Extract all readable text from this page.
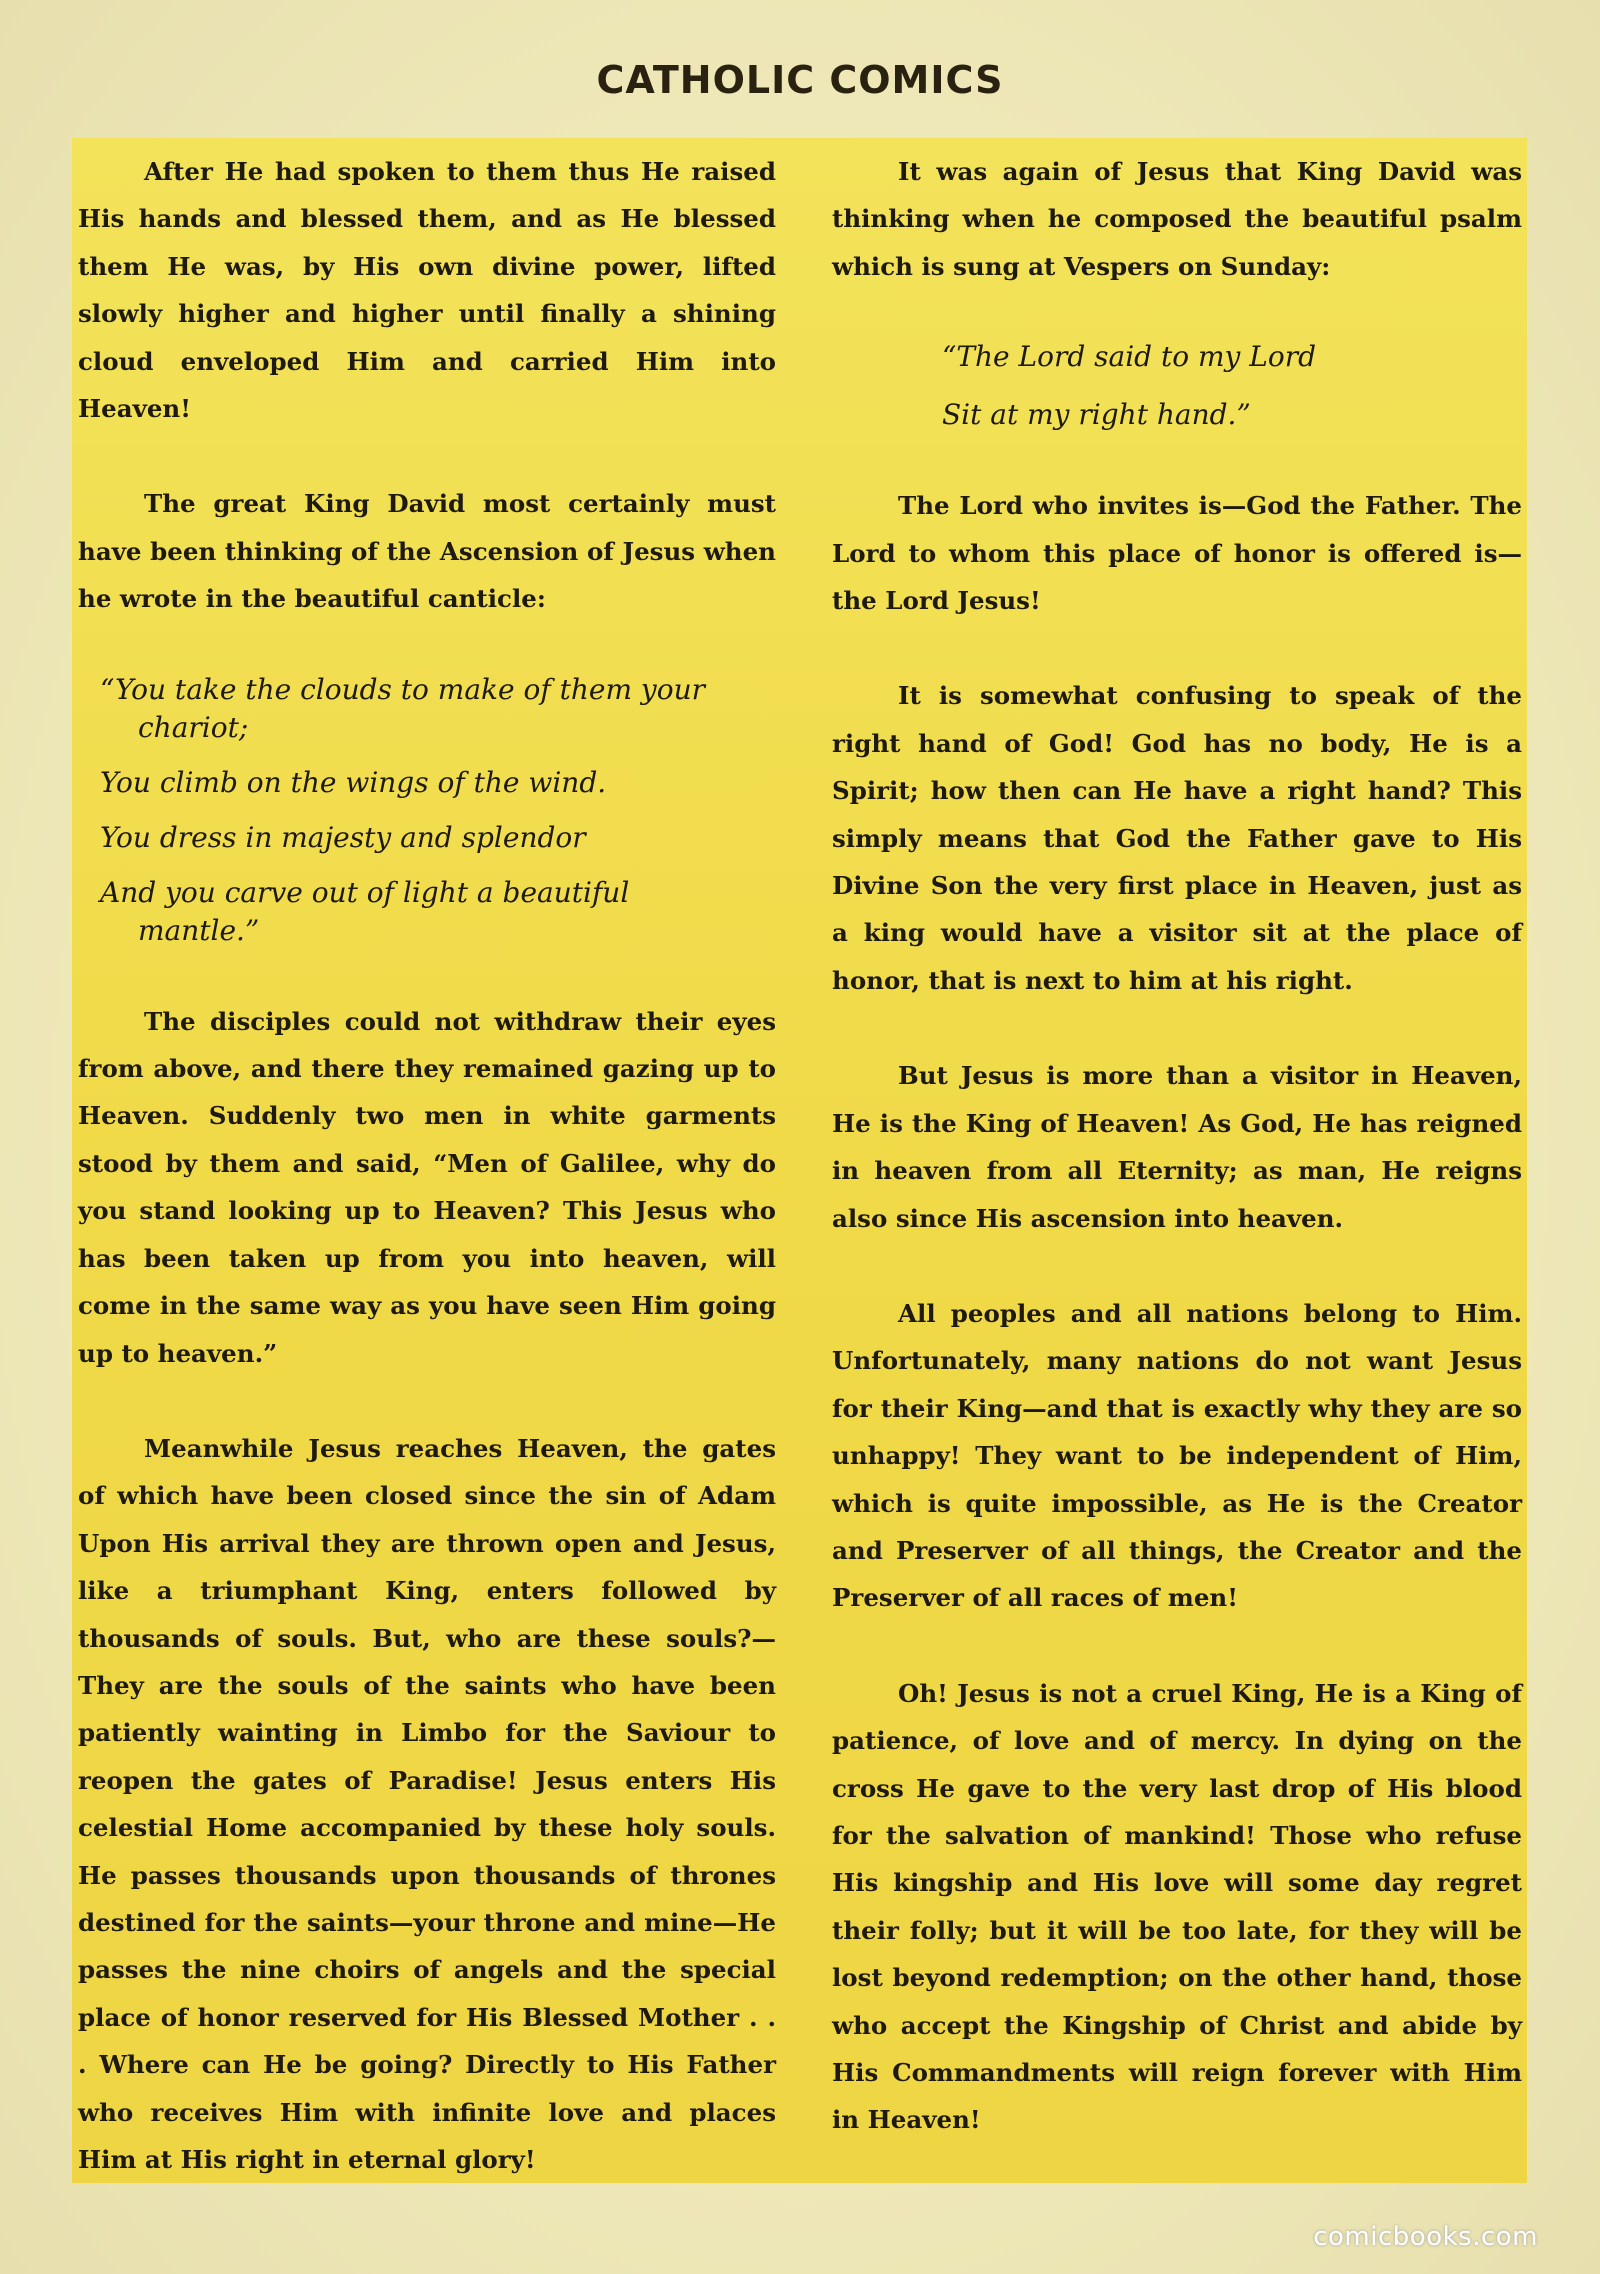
CATHOLIC COMICS

After He had spoken to them thus He raised His hands and blessed them, and as He blessed them He was, by His own divine power, lifted slowly higher and higher until finally a shining cloud enveloped Him and carried Him into Heaven!

The great King David most certainly must have been thinking of the Ascension of Jesus when he wrote in the beautiful canticle:

“You take the clouds to make of them your chariot;
You climb on the wings of the wind.
You dress in majesty and splendor
And you carve out of light a beautiful mantle.”

The disciples could not withdraw their eyes from above, and there they remained gazing up to Heaven. Suddenly two men in white garments stood by them and said, “Men of Galilee, why do you stand looking up to Heaven? This Jesus who has been taken up from you into heaven, will come in the same way as you have seen Him going up to heaven.”

Meanwhile Jesus reaches Heaven, the gates of which have been closed since the sin of Adam Upon His arrival they are thrown open and Jesus, like a triumphant King, enters followed by thousands of souls. But, who are these souls?—They are the souls of the saints who have been patiently wainting in Limbo for the Saviour to reopen the gates of Paradise! Jesus enters His celestial Home accompanied by these holy souls. He passes thousands upon thousands of thrones destined for the saints—your throne and mine—He passes the nine choirs of angels and the special place of honor reserved for His Blessed Mother . . . Where can He be going? Directly to His Father who receives Him with infinite love and places Him at His right in eternal glory!

It was again of Jesus that King David was thinking when he composed the beautiful psalm which is sung at Vespers on Sunday:

“The Lord said to my Lord
Sit at my right hand.”

The Lord who invites is—God the Father. The Lord to whom this place of honor is offered is—the Lord Jesus!

It is somewhat confusing to speak of the right hand of God! God has no body, He is a Spirit; how then can He have a right hand? This simply means that God the Father gave to His Divine Son the very first place in Heaven, just as a king would have a visitor sit at the place of honor, that is next to him at his right.

But Jesus is more than a visitor in Heaven, He is the King of Heaven! As God, He has reigned in heaven from all Eternity; as man, He reigns also since His ascension into heaven.

All peoples and all nations belong to Him. Unfortunately, many nations do not want Jesus for their King—and that is exactly why they are so unhappy! They want to be independent of Him, which is quite impossible, as He is the Creator and Preserver of all things, the Creator and the Preserver of all races of men!

Oh! Jesus is not a cruel King, He is a King of patience, of love and of mercy. In dying on the cross He gave to the very last drop of His blood for the salvation of mankind! Those who refuse His kingship and His love will some day regret their folly; but it will be too late, for they will be lost beyond redemption; on the other hand, those who accept the Kingship of Christ and abide by His Commandments will reign forever with Him in Heaven!

comicbooks.com
